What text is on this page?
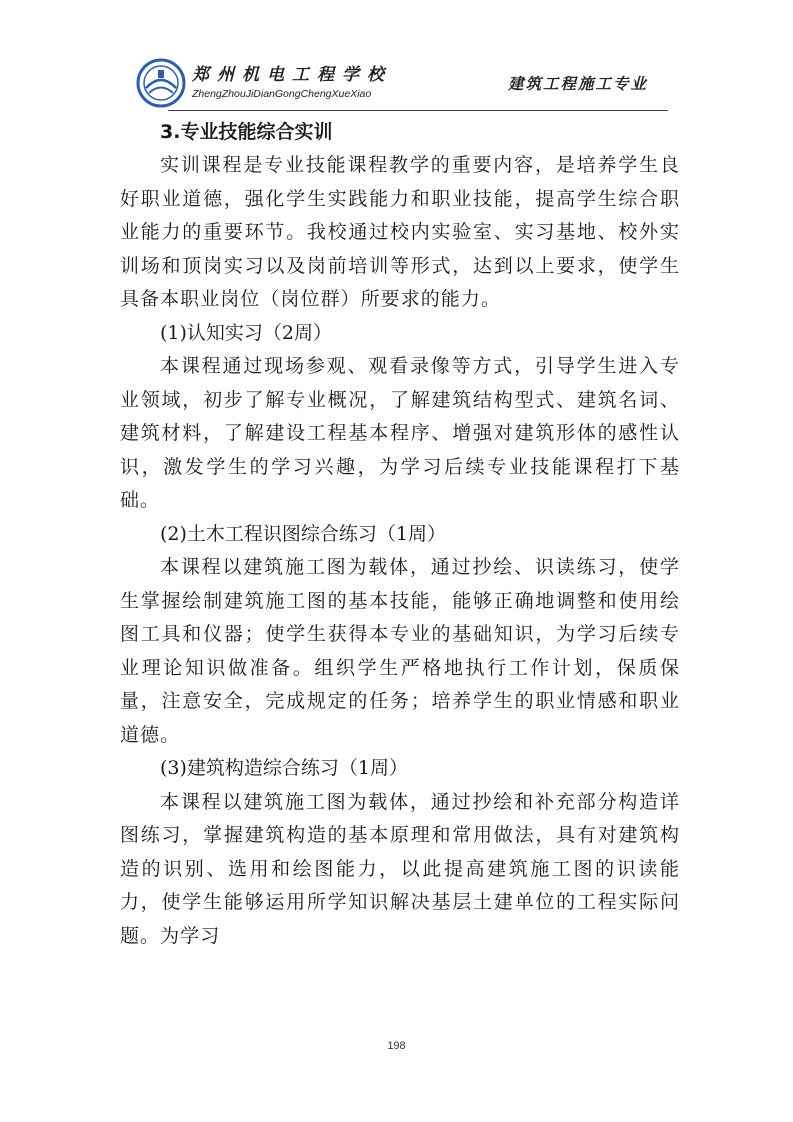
郑州机电工程学校
ZhengZhouJiDianGongChengXueXiao
建筑工程施工专业
3.专业技能综合实训

实训课程是专业技能课程教学的重要内容，是培养学生良好职业道德，强化学生实践能力和职业技能，提高学生综合职业能力的重要环节。我校通过校内实验室、实习基地、校外实训场和顶岗实习以及岗前培训等形式，达到以上要求，使学生具备本职业岗位（岗位群）所要求的能力。

(1)认知实习（2周）

本课程通过现场参观、观看录像等方式，引导学生进入专业领域，初步了解专业概况，了解建筑结构型式、建筑名词、建筑材料，了解建设工程基本程序、增强对建筑形体的感性认识，激发学生的学习兴趣，为学习后续专业技能课程打下基础。

(2)土木工程识图综合练习（1周）

本课程以建筑施工图为载体，通过抄绘、识读练习，使学生掌握绘制建筑施工图的基本技能，能够正确地调整和使用绘图工具和仪器；使学生获得本专业的基础知识，为学习后续专业理论知识做准备。组织学生严格地执行工作计划，保质保量，注意安全，完成规定的任务；培养学生的职业情感和职业道德。

(3)建筑构造综合练习（1周）

本课程以建筑施工图为载体，通过抄绘和补充部分构造详图练习，掌握建筑构造的基本原理和常用做法，具有对建筑构造的识别、选用和绘图能力，以此提高建筑施工图的识读能力，使学生能够运用所学知识解决基层土建单位的工程实际问题。为学习

198
